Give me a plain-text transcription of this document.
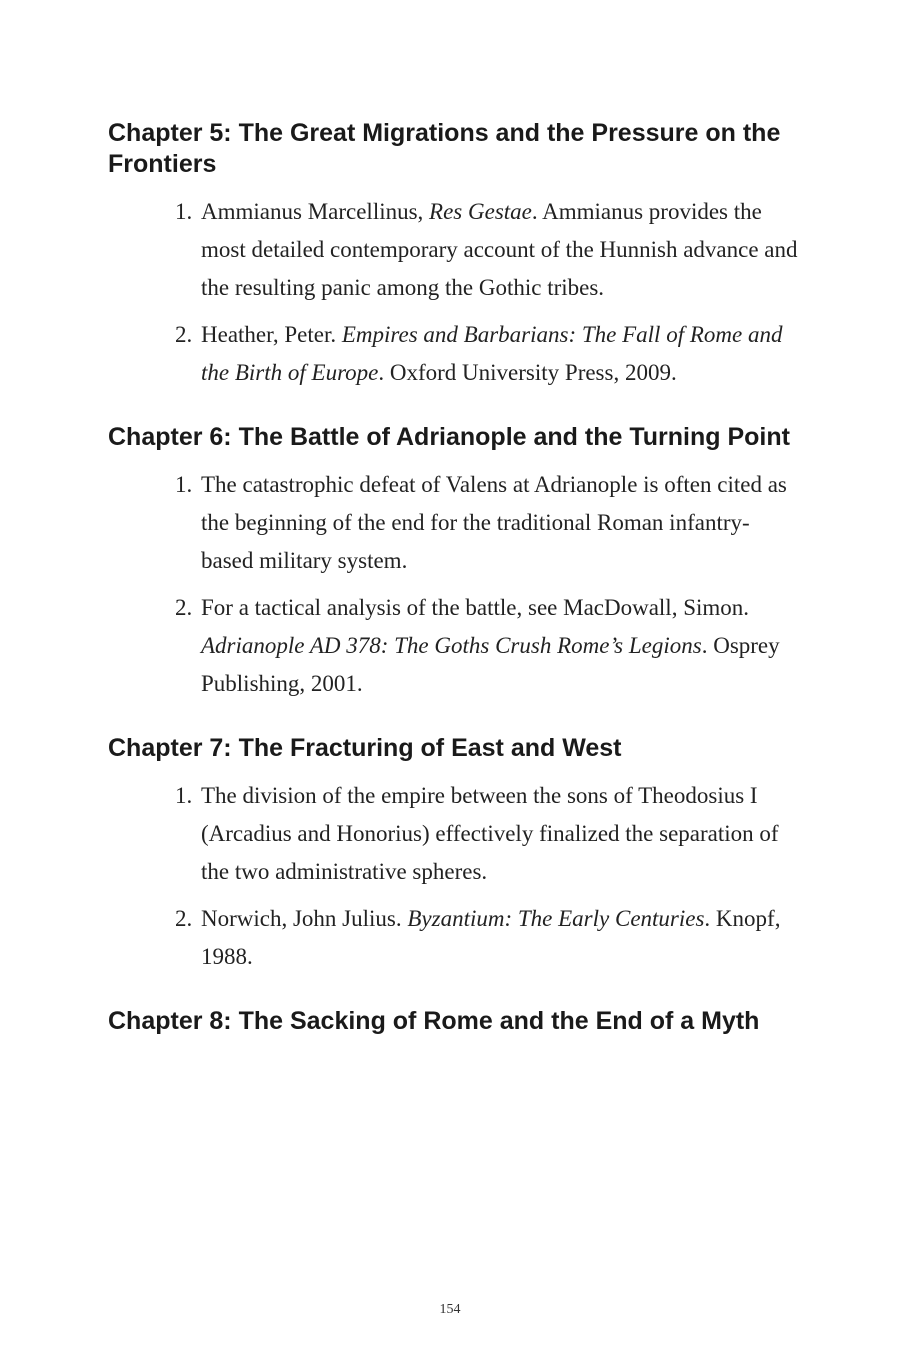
Chapter 5: The Great Migrations and the Pressure on the Frontiers
1 . Ammianus Marcellinus, Res Gestae. Ammianus provides the most detailed contemporary account of the Hunnish advance and the resulting panic among the Gothic tribes.
2 . Heather, Peter. Empires and Barbarians: The Fall of Rome and the Birth of Europe. Oxford University Press, 2009.
Chapter 6: The Battle of Adrianople and the Turning Point
1 . The catastrophic defeat of Valens at Adrianople is often cited as the beginning of the end for the traditional Roman infantry-based military system.
2 . For a tactical analysis of the battle, see MacDowall, Simon. Adrianople AD 378: The Goths Crush Rome’s Legions. Osprey Publishing, 2001.
Chapter 7: The Fracturing of East and West
1 . The division of the empire between the sons of Theodosius I (Arcadius and Honorius) effectively finalized the separation of the two administrative spheres.
2 . Norwich, John Julius. Byzantium: The Early Centuries. Knopf, 1988.
Chapter 8: The Sacking of Rome and the End of a Myth
154
